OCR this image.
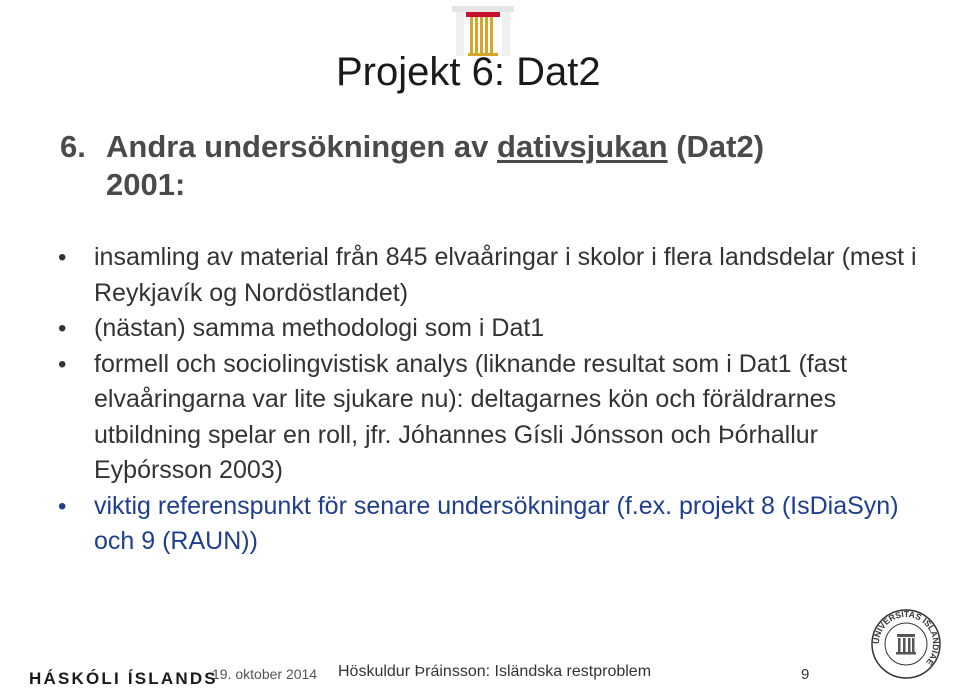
Projekt 6: Dat2
6. Andra undersökningen av dativsjukan (Dat2)
2001:
• insamling av material från 845 elvaåringar i skolor i flera landsdelar (mest i Reykjavík og Nordöstlandet)
• (nästan) samma methodologi som i Dat1
• formell och sociolingvistisk analys (liknande resultat som i Dat1 (fast elvaåringarna var lite sjukare nu): deltagarnes kön och föräldrarnes utbildning spelar en roll, jfr. Jóhannes Gísli Jónsson och Þórhallur Eyþórsson 2003)
• viktig referenspunkt för senare undersökningar (f.ex. projekt 8 (IsDiaSyn) och 9 (RAUN))
HÁSKÓLI ÍSLANDS
19. oktober 2014 Höskuldur Þráinsson: Isländska restproblem	9
UNIVERSITAS ISLANDIAE
